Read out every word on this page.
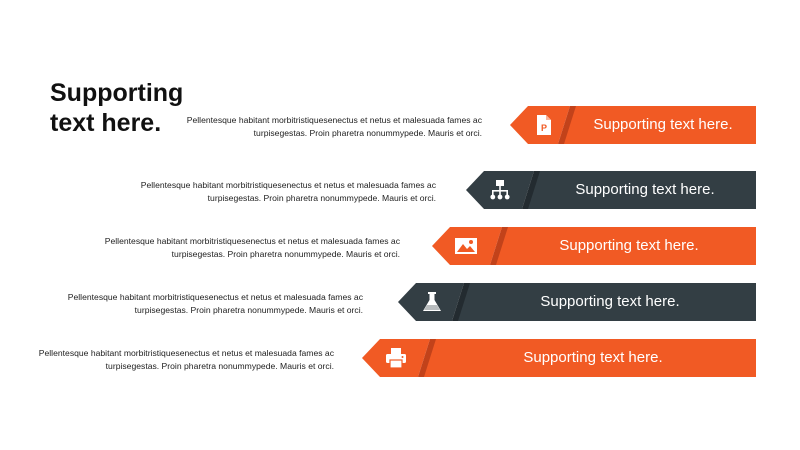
Supporting
text here.	Pellentesque habitant morbitristiquesenectus et netus et malesuada fames ac
turpisegestas. Proin pharetra nonummypede. Mauris et orci.	P	Supporting text here.
Pellentesque habitant morbitristiquesenectus et netus et malesuada fames ac
turpisegestas. Proin pharetra nonummypede. Mauris et orci.	Supporting text here.
Pellentesque habitant morbitristiquesenectus et netus et malesuada fames ac
turpisegestas. Proin pharetra nonummypede. Mauris et orci.	Supporting text here.
Pellentesque habitant morbitristiquesenectus et netus et malesuada fames ac
turpisegestas. Proin pharetra nonummypede. Mauris et orci.	Supporting text here.
Pellentesque habitant morbitristiquesenectus et netus et malesuada fames ac
turpisegestas. Proin pharetra nonummypede. Mauris et orci.	Supporting text here.
